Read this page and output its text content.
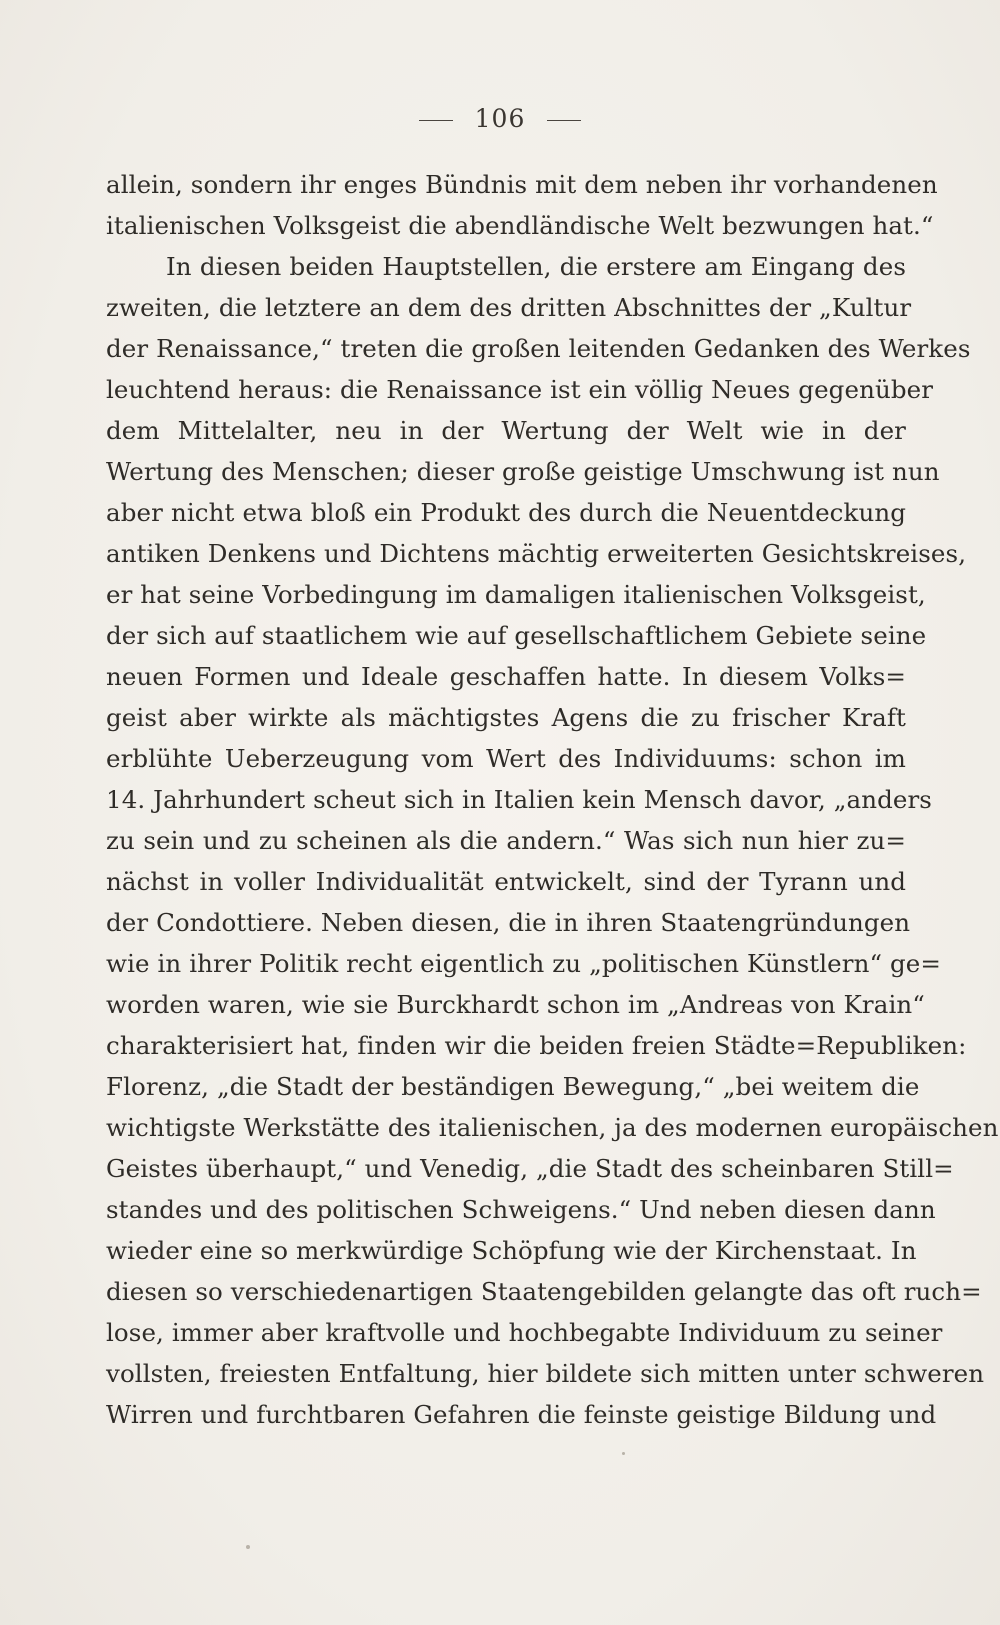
106
allein, sondern ihr enges Bündnis mit dem neben ihr vorhandenen
italienischen Volksgeist die abendländische Welt bezwungen hat.“
In diesen beiden Hauptstellen, die erstere am Eingang des
zweiten, die letztere an dem des dritten Abschnittes der „Kultur
der Renaissance,“ treten die großen leitenden Gedanken des Werkes
leuchtend heraus: die Renaissance ist ein völlig Neues gegenüber
dem Mittelalter, neu in der Wertung der Welt wie in der
Wertung des Menschen; dieser große geistige Umschwung ist nun
aber nicht etwa bloß ein Produkt des durch die Neuentdeckung
antiken Denkens und Dichtens mächtig erweiterten Gesichtskreises,
er hat seine Vorbedingung im damaligen italienischen Volksgeist,
der sich auf staatlichem wie auf gesellschaftlichem Gebiete seine
neuen Formen und Ideale geschaffen hatte. In diesem Volks=
geist aber wirkte als mächtigstes Agens die zu frischer Kraft
erblühte Ueberzeugung vom Wert des Individuums: schon im
14. Jahrhundert scheut sich in Italien kein Mensch davor, „anders
zu sein und zu scheinen als die andern.“ Was sich nun hier zu=
nächst in voller Individualität entwickelt, sind der Tyrann und
der Condottiere. Neben diesen, die in ihren Staatengründungen
wie in ihrer Politik recht eigentlich zu „politischen Künstlern“ ge=
worden waren, wie sie Burckhardt schon im „Andreas von Krain“
charakterisiert hat, finden wir die beiden freien Städte=Republiken:
Florenz, „die Stadt der beständigen Bewegung,“ „bei weitem die
wichtigste Werkstätte des italienischen, ja des modernen europäischen
Geistes überhaupt,“ und Venedig, „die Stadt des scheinbaren Still=
standes und des politischen Schweigens.“ Und neben diesen dann
wieder eine so merkwürdige Schöpfung wie der Kirchenstaat. In
diesen so verschiedenartigen Staatengebilden gelangte das oft ruch=
lose, immer aber kraftvolle und hochbegabte Individuum zu seiner
vollsten, freiesten Entfaltung, hier bildete sich mitten unter schweren
Wirren und furchtbaren Gefahren die feinste geistige Bildung und
